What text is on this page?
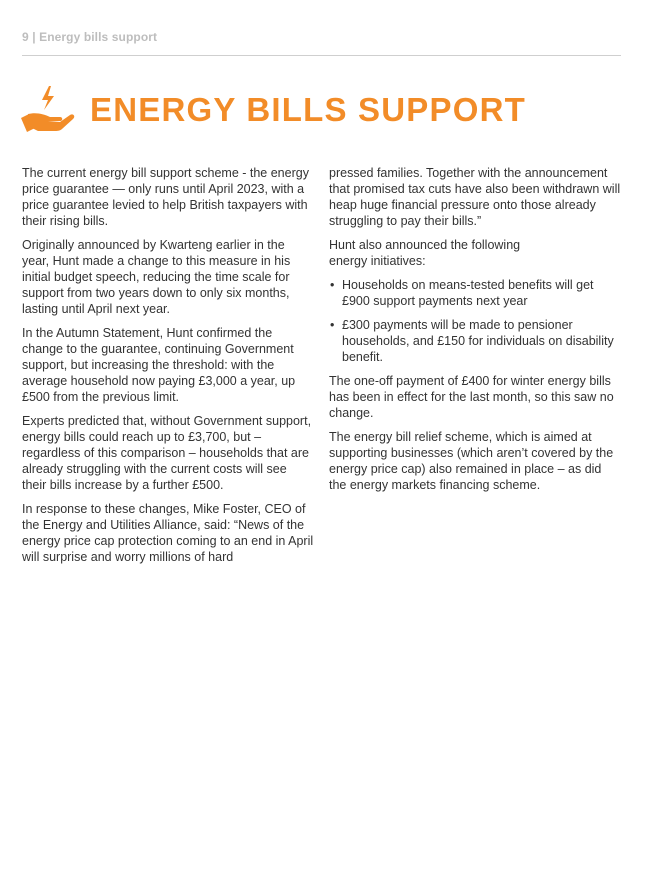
9 | Energy bills support
ENERGY BILLS SUPPORT

The current energy bill support scheme - the energy price guarantee — only runs until April 2023, with a price guarantee levied to help British taxpayers with their rising bills.

Originally announced by Kwarteng earlier in the year, Hunt made a change to this measure in his initial budget speech, reducing the time scale for support from two years down to only six months, lasting until April next year.

In the Autumn Statement, Hunt confirmed the change to the guarantee, continuing Government support, but increasing the threshold: with the average household now paying £3,000 a year, up £500 from the previous limit.

Experts predicted that, without Government support, energy bills could reach up to £3,700, but – regardless of this comparison – households that are already struggling with the current costs will see their bills increase by a further £500.

In response to these changes, Mike Foster, CEO of the Energy and Utilities Alliance, said: “News of the energy price cap protection coming to an end in April will surprise and worry millions of hard

pressed families. Together with the announcement that promised tax cuts have also been withdrawn will heap huge financial pressure onto those already struggling to pay their bills.”

Hunt also announced the following energy initiatives:

• Households on means-tested benefits will get £900 support payments next year
• £300 payments will be made to pensioner households, and £150 for individuals on disability benefit.

The one-off payment of £400 for winter energy bills has been in effect for the last month, so this saw no change.

The energy bill relief scheme, which is aimed at supporting businesses (which aren’t covered by the energy price cap) also remained in place – as did the energy markets financing scheme.
